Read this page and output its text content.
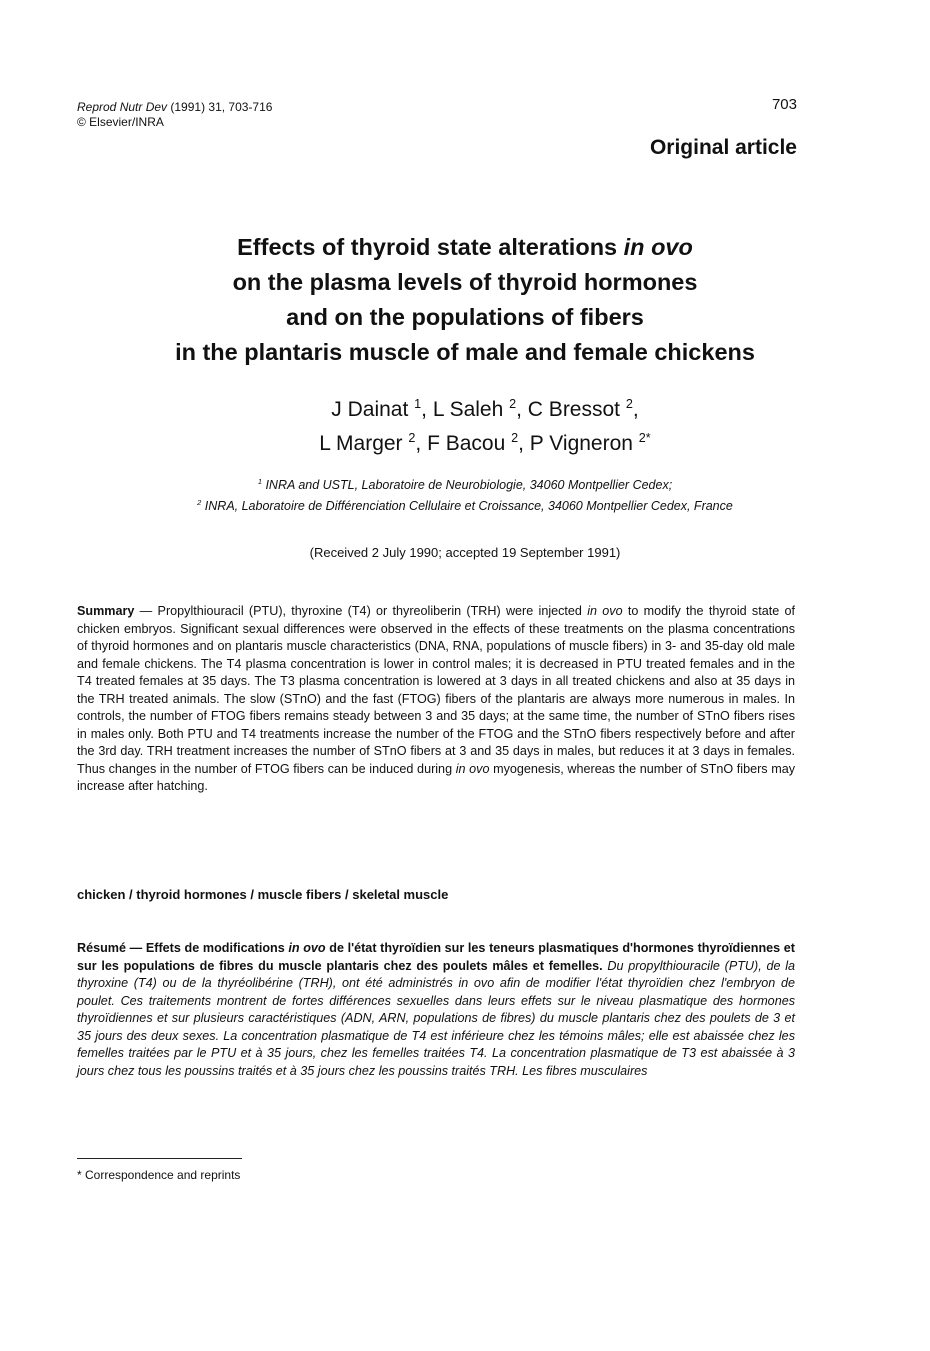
Reprod Nutr Dev (1991) 31, 703-716
© Elsevier/INRA
703
Original article
Effects of thyroid state alterations in ovo
on the plasma levels of thyroid hormones
and on the populations of fibers
in the plantaris muscle of male and female chickens
J Dainat $^1$, L Saleh $^2$, C Bressot $^2$,
L Marger $^2$, F Bacou $^2$, P Vigneron $^{2*}$
$^1$ INRA and USTL, Laboratoire de Neurobiologie, 34060 Montpellier Cedex;
$^2$ INRA, Laboratoire de Différenciation Cellulaire et Croissance, 34060 Montpellier Cedex, France
(Received 2 July 1990; accepted 19 September 1991)
Summary — Propylthiouracil (PTU), thyroxine (T4) or thyreoliberin (TRH) were injected in ovo to modify the thyroid state of chicken embryos. Significant sexual differences were observed in the effects of these treatments on the plasma concentrations of thyroid hormones and on plantaris muscle characteristics (DNA, RNA, populations of muscle fibers) in 3- and 35-day old male and female chickens. The T4 plasma concentration is lower in control males; it is decreased in PTU treated females and in the T4 treated females at 35 days. The T3 plasma concentration is lowered at 3 days in all treated chickens and also at 35 days in the TRH treated animals. The slow (STnO) and the fast (FTOG) fibers of the plantaris are always more numerous in males. In controls, the number of FTOG fibers remains steady between 3 and 35 days; at the same time, the number of STnO fibers rises in males only. Both PTU and T4 treatments increase the number of the FTOG and the STnO fibers respectively before and after the 3rd day. TRH treatment increases the number of STnO fibers at 3 and 35 days in males, but reduces it at 3 days in females. Thus changes in the number of FTOG fibers can be induced during in ovo myogenesis, whereas the number of STnO fibers may increase after hatching.
chicken / thyroid hormones / muscle fibers / skeletal muscle
Résumé — Effets de modifications in ovo de l'état thyroïdien sur les teneurs plasmatiques d'hormones thyroïdiennes et sur les populations de fibres du muscle plantaris chez des poulets mâles et femelles. Du propylthiouracile (PTU), de la thyroxine (T4) ou de la thyréolibérine (TRH), ont été administrés in ovo afin de modifier l'état thyroïdien chez l'embryon de poulet. Ces traitements montrent de fortes différences sexuelles dans leurs effets sur le niveau plasmatique des hormones thyroïdiennes et sur plusieurs caractéristiques (ADN, ARN, populations de fibres) du muscle plantaris chez des poulets de 3 et 35 jours des deux sexes. La concentration plasmatique de T4 est inférieure chez les témoins mâles; elle est abaissée chez les femelles traitées par le PTU et à 35 jours, chez les femelles traitées T4. La concentration plasmatique de T3 est abaissée à 3 jours chez tous les poussins traités et à 35 jours chez les poussins traités TRH. Les fibres musculaires
* Correspondence and reprints
